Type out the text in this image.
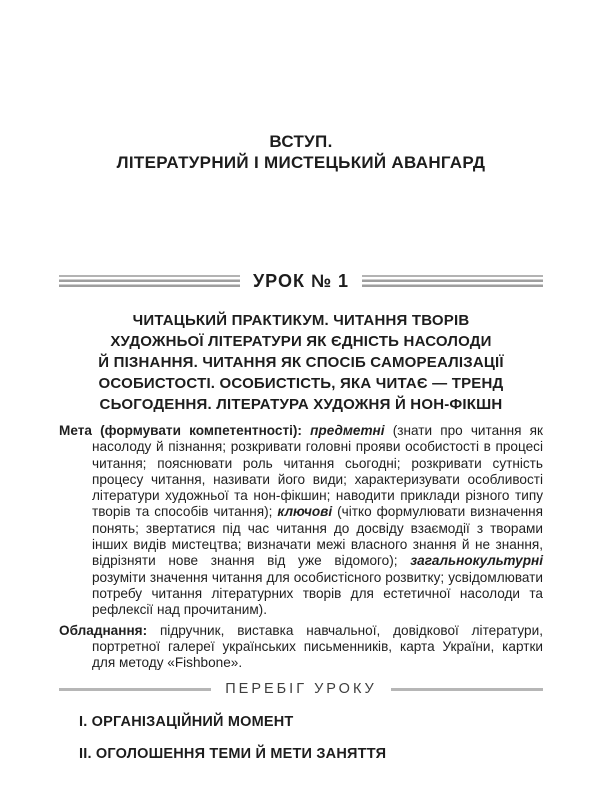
ВСТУП.
ЛІТЕРАТУРНИЙ І МИСТЕЦЬКИЙ АВАНГАРД
УРОК № 1
ЧИТАЦЬКИЙ ПРАКТИКУМ. ЧИТАННЯ ТВОРІВ
ХУДОЖНЬОЇ ЛІТЕРАТУРИ ЯК ЄДНІСТЬ НАСОЛОДИ
Й ПІЗНАННЯ. ЧИТАННЯ ЯК СПОСІБ САМОРЕАЛІЗАЦІЇ
ОСОБИСТОСТІ. ОСОБИСТІСТЬ, ЯКА ЧИТАЄ — ТРЕНД
СЬОГОДЕННЯ. ЛІТЕРАТУРА ХУДОЖНЯ Й НОН-ФІКШН

Мета (формувати компетентності): предметні (знати про читання як насолоду й пізнання; розкривати головні прояви особистості в процесі читання; пояснювати роль читання сьогодні; розкривати сутність процесу читання, називати його види; характеризувати особливості літератури художньої та нон-фікшин; наводити приклади різного типу творів та способів читання); ключові (чітко формулювати визначення понять; звертатися під час читання до досвіду взаємодії з творами інших видів мистецтва; визначати межі власного знання й не знання, відрізняти нове знання від уже відомого); загальнокультурні розуміти значення читання для особистісного розвитку; усвідомлювати потребу читання літературних творів для естетичної насолоди та рефлексії над прочитаним).

Обладнання: підручник, виставка навчальної, довідкової літератури, портретної галереї українських письменників, карта України, картки для методу «Fishbone».

ПЕРЕБІГ УРОКУ
І. ОРГАНІЗАЦІЙНИЙ МОМЕНТ
ІІ. ОГОЛОШЕННЯ ТЕМИ Й МЕТИ ЗАНЯТТЯ
